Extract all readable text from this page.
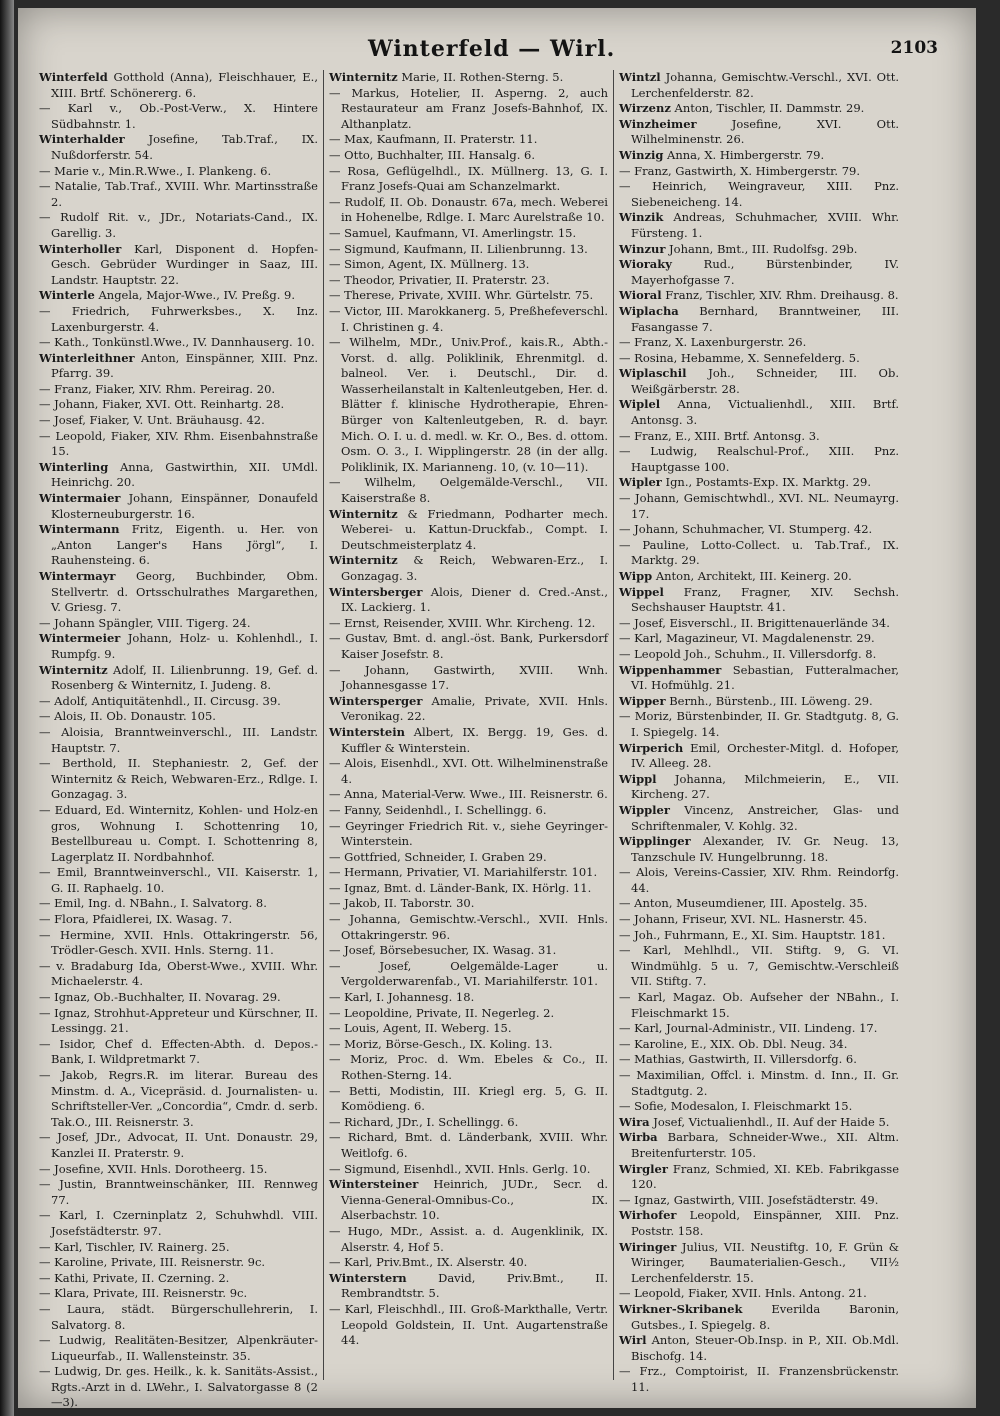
Winterfeld — Wirl.	2103

Winterfeld Gotthold (Anna), Fleischhauer, E., XIII. Brtf. Schönererg. 6.

— Karl v., Ob.-Post-Verw., X. Hintere Südbahnstr. 1.

Winterhalder Josefine, Tab.Traf., IX. Nußdorferstr. 54.

— Marie v., Min.R.Wwe., I. Plankeng. 6.

— Natalie, Tab.Traf., XVIII. Whr. Martinsstraße 2.

— Rudolf Rit. v., JDr., Notariats-Cand., IX. Garellig. 3.

Winterholler Karl, Disponent d. Hopfen-Gesch. Gebrüder Wurdinger in Saaz, III. Landstr. Hauptstr. 22.

Winterle Angela, Major-Wwe., IV. Preßg. 9.

— Friedrich, Fuhrwerksbes., X. Inz. Laxenburgerstr. 4.

— Kath., Tonkünstl.Wwe., IV. Dannhauserg. 10.

Winterleithner Anton, Einspänner, XIII. Pnz. Pfarrg. 39.

— Franz, Fiaker, XIV. Rhm. Pereirag. 20.

— Johann, Fiaker, XVI. Ott. Reinhartg. 28.

— Josef, Fiaker, V. Unt. Bräuhausg. 42.

— Leopold, Fiaker, XIV. Rhm. Eisenbahnstraße 15.

Winterling Anna, Gastwirthin, XII. UMdl. Heinrichg. 20.

Wintermaier Johann, Einspänner, Donaufeld Klosterneuburgerstr. 16.

Wintermann Fritz, Eigenth. u. Her. von „Anton Langer's Hans Jörgl“, I. Rauhensteing. 6.

Wintermayr Georg, Buchbinder, Obm. Stellvertr. d. Ortsschulrathes Margarethen, V. Griesg. 7.

— Johann Spängler, VIII. Tigerg. 24.

Wintermeier Johann, Holz- u. Kohlenhdl., I. Rumpfg. 9.

Winternitz Adolf, II. Lilienbrunng. 19, Gef. d. Rosenberg & Winternitz, I. Judeng. 8.

— Adolf, Antiquitätenhdl., II. Circusg. 39.

— Alois, II. Ob. Donaustr. 105.

— Aloisia, Branntweinverschl., III. Landstr. Hauptstr. 7.

— Berthold, II. Stephaniestr. 2, Gef. der Winternitz & Reich, Webwaren-Erz., Rdlge. I. Gonzagag. 3.

— Eduard, Ed. Winternitz, Kohlen- und Holz-en gros, Wohnung I. Schottenring 10, Bestellbureau u. Compt. I. Schottenring 8, Lagerplatz II. Nordbahnhof.

— Emil, Branntweinverschl., VII. Kaiserstr. 1, G. II. Raphaelg. 10.

— Emil, Ing. d. NBahn., I. Salvatorg. 8.

— Flora, Pfaidlerei, IX. Wasag. 7.

— Hermine, XVII. Hnls. Ottakringerstr. 56, Trödler-Gesch. XVII. Hnls. Sterng. 11.

— v. Bradaburg Ida, Oberst-Wwe., XVIII. Whr. Michaelerstr. 4.

— Ignaz, Ob.-Buchhalter, II. Novarag. 29.

— Ignaz, Strohhut-Appreteur und Kürschner, II. Lessingg. 21.

— Isidor, Chef d. Effecten-Abth. d. Depos.-Bank, I. Wildpretmarkt 7.

— Jakob, Regrs.R. im literar. Bureau des Minstm. d. A., Vicepräsid. d. Journalisten- u. Schriftsteller-Ver. „Concordia“, Cmdr. d. serb. Tak.O., III. Reisnerstr. 3.

— Josef, JDr., Advocat, II. Unt. Donaustr. 29, Kanzlei II. Praterstr. 9.

— Josefine, XVII. Hnls. Dorotheerg. 15.

— Justin, Branntweinschänker, III. Rennweg 77.

— Karl, I. Czerninplatz 2, Schuhwhdl. VIII. Josefstädterstr. 97.

— Karl, Tischler, IV. Rainerg. 25.

— Karoline, Private, III. Reisnerstr. 9c.

— Kathi, Private, II. Czerning. 2.

— Klara, Private, III. Reisnerstr. 9c.

— Laura, städt. Bürgerschullehrerin, I. Salvatorg. 8.

— Ludwig, Realitäten-Besitzer, Alpenkräuter-Liqueurfab., II. Wallensteinstr. 35.

— Ludwig, Dr. ges. Heilk., k. k. Sanitäts-Assist., Rgts.-Arzt in d. LWehr., I. Salvatorgasse 8 (2—3).

Winternitz Marie, II. Rothen-Sterng. 5.

— Markus, Hotelier, II. Asperng. 2, auch Restaurateur am Franz Josefs-Bahnhof, IX. Althanplatz.

— Max, Kaufmann, II. Praterstr. 11.

— Otto, Buchhalter, III. Hansalg. 6.

— Rosa, Geflügelhdl., IX. Müllnerg. 13, G. I. Franz Josefs-Quai am Schanzelmarkt.

— Rudolf, II. Ob. Donaustr. 67a, mech. Weberei in Hohenelbe, Rdlge. I. Marc Aurelstraße 10.

— Samuel, Kaufmann, VI. Amerlingstr. 15.

— Sigmund, Kaufmann, II. Lilienbrunng. 13.

— Simon, Agent, IX. Müllnerg. 13.

— Theodor, Privatier, II. Praterstr. 23.

— Therese, Private, XVIII. Whr. Gürtelstr. 75.

— Victor, III. Marokkanerg. 5, Preßhefeverschl. I. Christinen g. 4.

— Wilhelm, MDr., Univ.Prof., kais.R., Abth.-Vorst. d. allg. Poliklinik, Ehrenmitgl. d. balneol. Ver. i. Deutschl., Dir. d. Wasserheilanstalt in Kaltenleutgeben, Her. d. Blätter f. klinische Hydrotherapie, Ehren-Bürger von Kaltenleutgeben, R. d. bayr. Mich. O. I. u. d. medl. w. Kr. O., Bes. d. ottom. Osm. O. 3., I. Wipplingerstr. 28 (in der allg. Poliklinik, IX. Marianneng. 10, (v. 10—11).

— Wilhelm, Oelgemälde-Verschl., VII. Kaiserstraße 8.

Winternitz & Friedmann, Podharter mech. Weberei- u. Kattun-Druckfab., Compt. I. Deutschmeisterplatz 4.

Winternitz & Reich, Webwaren-Erz., I. Gonzagag. 3.

Wintersberger Alois, Diener d. Cred.-Anst., IX. Lackierg. 1.

— Ernst, Reisender, XVIII. Whr. Kircheng. 12.

— Gustav, Bmt. d. angl.-öst. Bank, Purkersdorf Kaiser Josefstr. 8.

— Johann, Gastwirth, XVIII. Wnh. Johannesgasse 17.

Wintersperger Amalie, Private, XVII. Hnls. Veronikag. 22.

Winterstein Albert, IX. Bergg. 19, Ges. d. Kuffler & Winterstein.

— Alois, Eisenhdl., XVI. Ott. Wilhelminenstraße 4.

— Anna, Material-Verw. Wwe., III. Reisnerstr. 6.

— Fanny, Seidenhdl., I. Schellingg. 6.

— Geyringer Friedrich Rit. v., siehe Geyringer-Winterstein.

— Gottfried, Schneider, I. Graben 29.

— Hermann, Privatier, VI. Mariahilferstr. 101.

— Ignaz, Bmt. d. Länder-Bank, IX. Hörlg. 11.

— Jakob, II. Taborstr. 30.

— Johanna, Gemischtw.-Verschl., XVII. Hnls. Ottakringerstr. 96.

— Josef, Börsebesucher, IX. Wasag. 31.

— Josef, Oelgemälde-Lager u. Vergolderwarenfab., VI. Mariahilferstr. 101.

— Karl, I. Johannesg. 18.

— Leopoldine, Private, II. Negerleg. 2.

— Louis, Agent, II. Weberg. 15.

— Moriz, Börse-Gesch., IX. Koling. 13.

— Moriz, Proc. d. Wm. Ebeles & Co., II. Rothen-Sterng. 14.

— Betti, Modistin, III. Kriegl erg. 5, G. II. Komödieng. 6.

— Richard, JDr., I. Schellingg. 6.

— Richard, Bmt. d. Länderbank, XVIII. Whr. Weitlofg. 6.

— Sigmund, Eisenhdl., XVII. Hnls. Gerlg. 10.

Wintersteiner Heinrich, JUDr., Secr. d. Vienna-General-Omnibus-Co., IX. Alserbachstr. 10.

— Hugo, MDr., Assist. a. d. Augenklinik, IX. Alserstr. 4, Hof 5.

— Karl, Priv.Bmt., IX. Alserstr. 40.

Winterstern David, Priv.Bmt., II. Rembrandtstr. 5.

— Karl, Fleischhdl., III. Groß-Markthalle, Vertr. Leopold Goldstein, II. Unt. Augartenstraße 44.

Wintzl Johanna, Gemischtw.-Verschl., XVI. Ott. Lerchenfelderstr. 82.

Wirzenz Anton, Tischler, II. Dammstr. 29.

Winzheimer Josefine, XVI. Ott. Wilhelminenstr. 26.

Winzig Anna, X. Himbergerstr. 79.

— Franz, Gastwirth, X. Himbergerstr. 79.

— Heinrich, Weingraveur, XIII. Pnz. Siebeneicheng. 14.

Winzik Andreas, Schuhmacher, XVIII. Whr. Fürsteng. 1.

Winzur Johann, Bmt., III. Rudolfsg. 29b.

Wioraky Rud., Bürstenbinder, IV. Mayerhofgasse 7.

Wioral Franz, Tischler, XIV. Rhm. Dreihausg. 8.

Wiplacha Bernhard, Branntweiner, III. Fasangasse 7.

— Franz, X. Laxenburgerstr. 26.

— Rosina, Hebamme, X. Sennefelderg. 5.

Wiplaschil Joh., Schneider, III. Ob. Weißgärberstr. 28.

Wiplel Anna, Victualienhdl., XIII. Brtf. Antonsg. 3.

— Franz, E., XIII. Brtf. Antonsg. 3.

— Ludwig, Realschul-Prof., XIII. Pnz. Hauptgasse 100.

Wipler Ign., Postamts-Exp. IX. Marktg. 29.

— Johann, Gemischtwhdl., XVI. NL. Neumayrg. 17.

— Johann, Schuhmacher, VI. Stumperg. 42.

— Pauline, Lotto-Collect. u. Tab.Traf., IX. Marktg. 29.

Wipp Anton, Architekt, III. Keinerg. 20.

Wippel Franz, Fragner, XIV. Sechsh. Sechshauser Hauptstr. 41.

— Josef, Eisverschl., II. Brigittenauerlände 34.

— Karl, Magazineur, VI. Magdalenenstr. 29.

— Leopold Joh., Schuhm., II. Villersdorfg. 8.

Wippenhammer Sebastian, Futteralmacher, VI. Hofmühlg. 21.

Wipper Bernh., Bürstenb., III. Löweng. 29.

— Moriz, Bürstenbinder, II. Gr. Stadtgutg. 8, G. I. Spiegelg. 14.

Wirperich Emil, Orchester-Mitgl. d. Hofoper, IV. Alleeg. 28.

Wippl Johanna, Milchmeierin, E., VII. Kircheng. 27.

Wippler Vincenz, Anstreicher, Glas- und Schriftenmaler, V. Kohlg. 32.

Wipplinger Alexander, IV. Gr. Neug. 13, Tanzschule IV. Hungelbrunng. 18.

— Alois, Vereins-Cassier, XIV. Rhm. Reindorfg. 44.

— Anton, Museumdiener, III. Apostelg. 35.

— Johann, Friseur, XVI. NL. Hasnerstr. 45.

— Joh., Fuhrmann, E., XI. Sim. Hauptstr. 181.

— Karl, Mehlhdl., VII. Stiftg. 9, G. VI. Windmühlg. 5 u. 7, Gemischtw.-Verschleiß VII. Stiftg. 7.

— Karl, Magaz. Ob. Aufseher der NBahn., I. Fleischmarkt 15.

— Karl, Journal-Administr., VII. Lindeng. 17.

— Karoline, E., XIX. Ob. Dbl. Neug. 34.

— Mathias, Gastwirth, II. Villersdorfg. 6.

— Maximilian, Offcl. i. Minstm. d. Inn., II. Gr. Stadtgutg. 2.

— Sofie, Modesalon, I. Fleischmarkt 15.

Wira Josef, Victualienhdl., II. Auf der Haide 5.

Wirba Barbara, Schneider-Wwe., XII. Altm. Breitenfurterstr. 105.

Wirgler Franz, Schmied, XI. KEb. Fabrikgasse 120.

— Ignaz, Gastwirth, VIII. Josefstädterstr. 49.

Wirhofer Leopold, Einspänner, XIII. Pnz. Poststr. 158.

Wiringer Julius, VII. Neustiftg. 10, F. Grün & Wiringer, Baumaterialien-Gesch., VII½ Lerchenfelderstr. 15.

— Leopold, Fiaker, XVII. Hnls. Antong. 21.

Wirkner-Skribanek Everilda Baronin, Gutsbes., I. Spiegelg. 8.

Wirl Anton, Steuer-Ob.Insp. in P., XII. Ob.Mdl. Bischofg. 14.

— Frz., Comptoirist, II. Franzensbrückenstr. 11.
